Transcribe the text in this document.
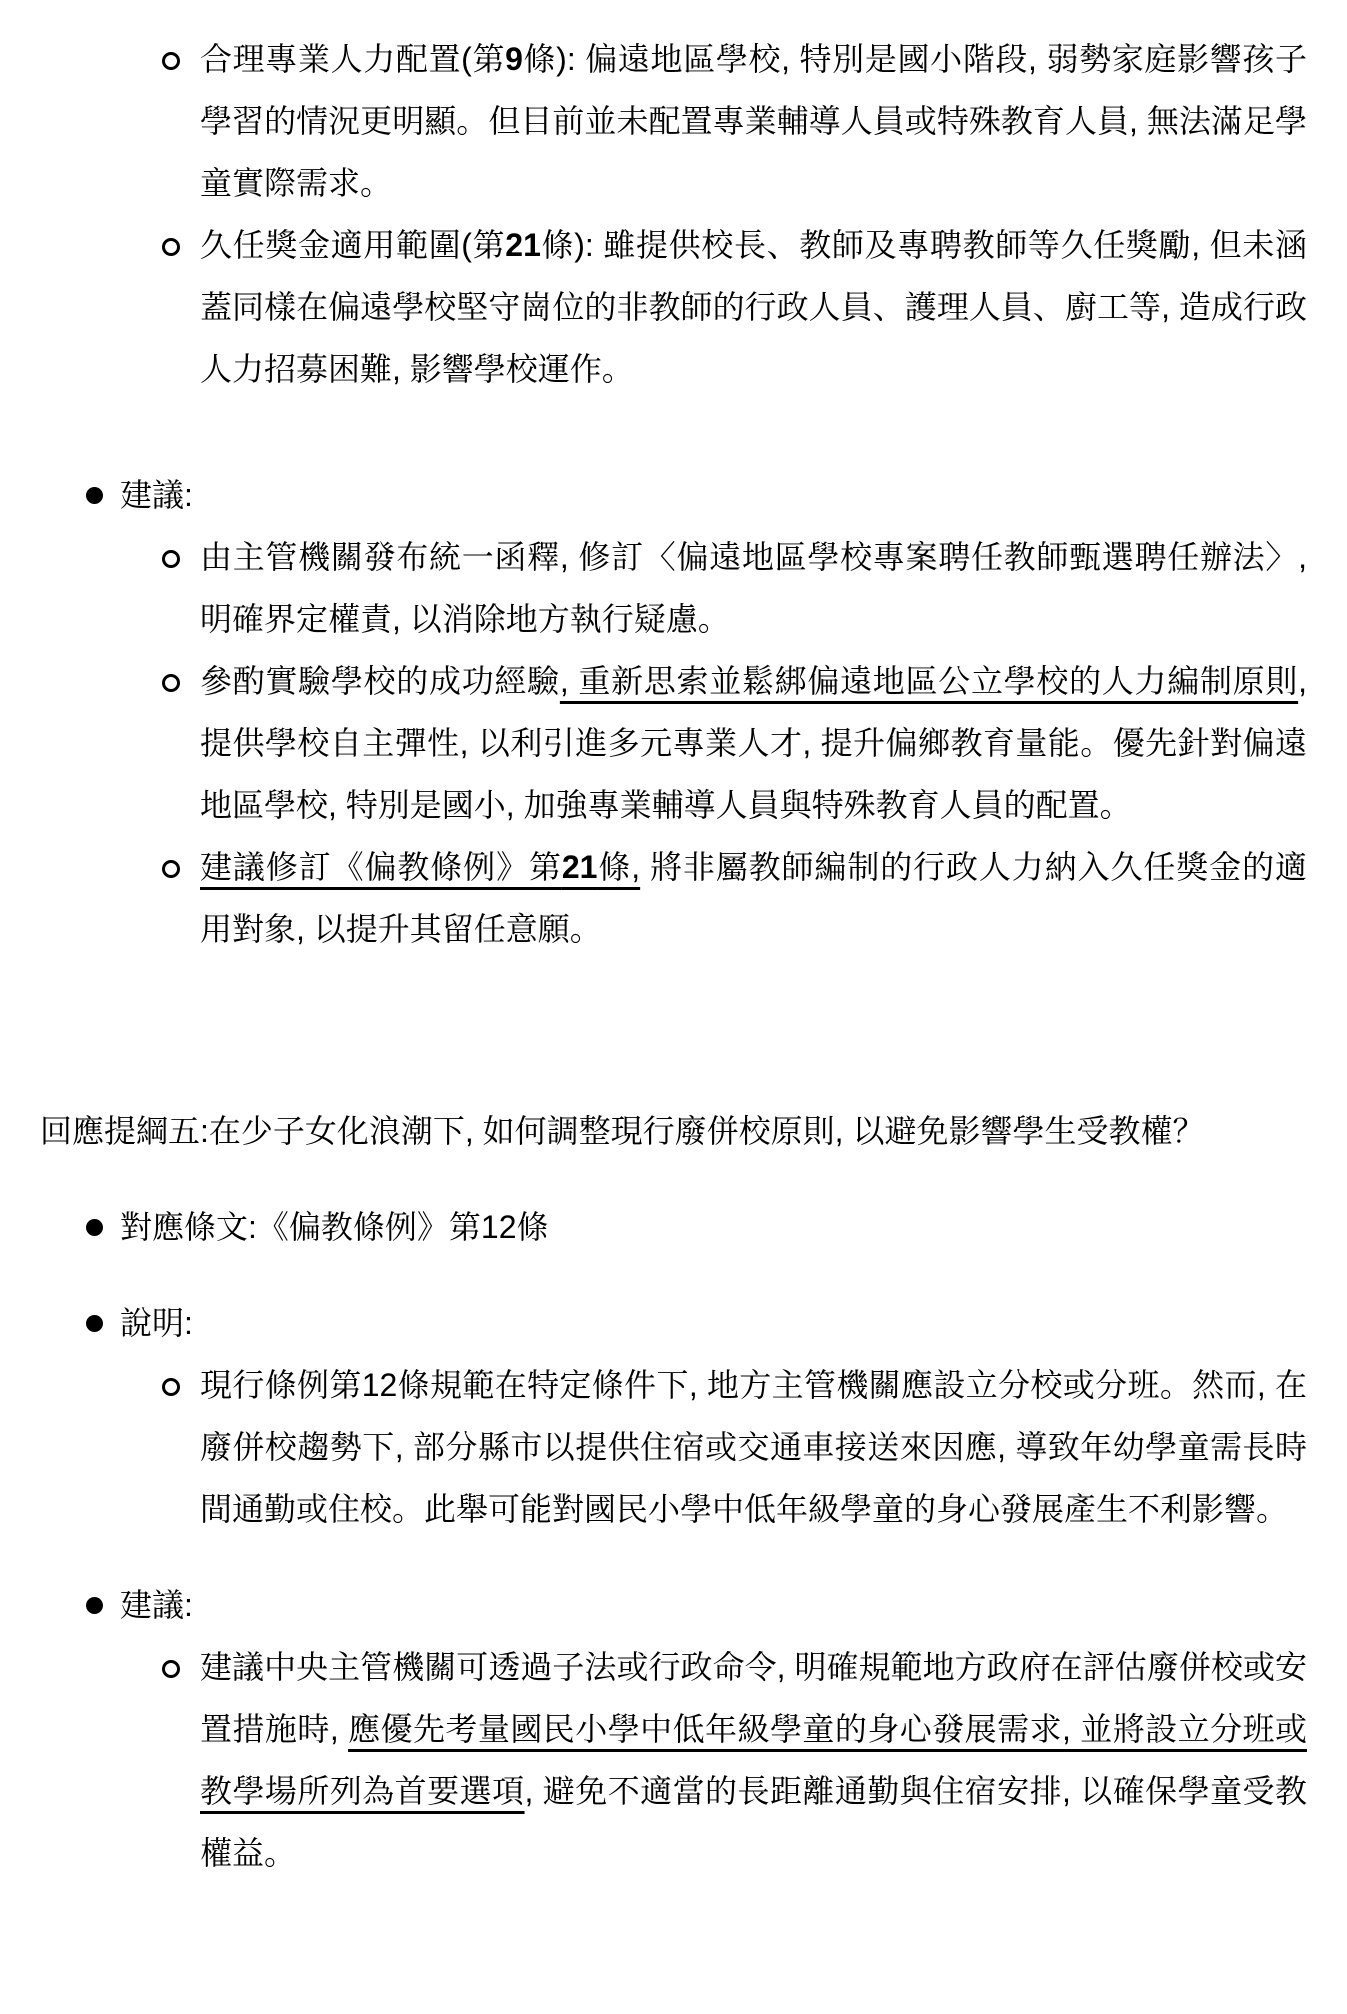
合理專業人力配置(第9條): 偏遠地區學校, 特別是國小階段, 弱勢家庭影響孩子學習的情況更明顯。但目前並未配置專業輔導人員或特殊教育人員, 無法滿足學童實際需求。
久任獎金適用範圍(第21條): 雖提供校長、教師及專聘教師等久任獎勵, 但未涵蓋同樣在偏遠學校堅守崗位的非教師的行政人員、護理人員、廚工等, 造成行政人力招募困難, 影響學校運作。
建議:
由主管機關發布統一函釋, 修訂〈偏遠地區學校專案聘任教師甄選聘任辦法〉, 明確界定權責, 以消除地方執行疑慮。
參酌實驗學校的成功經驗, 重新思索並鬆綁偏遠地區公立學校的人力編制原則, 提供學校自主彈性, 以利引進多元專業人才, 提升偏鄉教育量能。優先針對偏遠地區學校, 特別是國小, 加強專業輔導人員與特殊教育人員的配置。
建議修訂《偏教條例》第21條, 將非屬教師編制的行政人力納入久任獎金的適用對象, 以提升其留任意願。
回應提綱五:在少子女化浪潮下, 如何調整現行廢併校原則, 以避免影響學生受教權？
對應條文:《偏教條例》第12條
說明:
現行條例第12條規範在特定條件下, 地方主管機關應設立分校或分班。然而, 在廢併校趨勢下, 部分縣市以提供住宿或交通車接送來因應, 導致年幼學童需長時間通勤或住校。此舉可能對國民小學中低年級學童的身心發展產生不利影響。
建議:
建議中央主管機關可透過子法或行政命令, 明確規範地方政府在評估廢併校或安置措施時, 應優先考量國民小學中低年級學童的身心發展需求, 並將設立分班或教學場所列為首要選項, 避免不適當的長距離通勤與住宿安排, 以確保學童受教權益。
